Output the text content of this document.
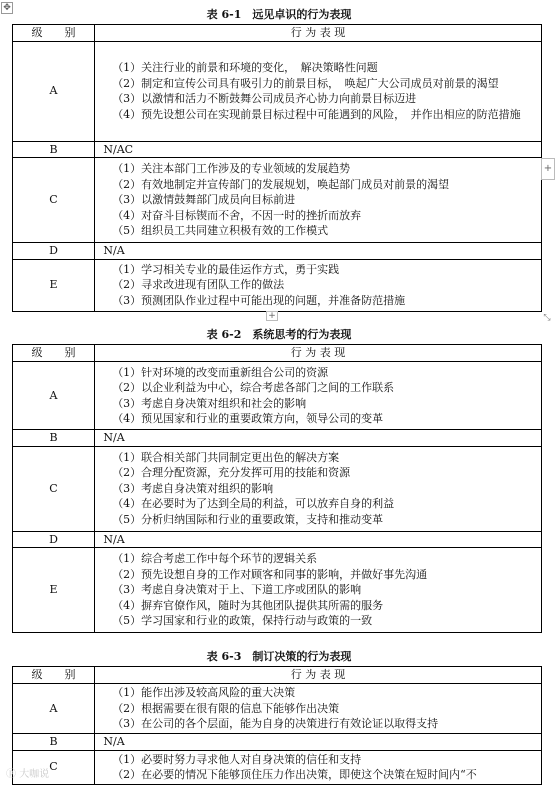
✥	表 6-1　远见卓识的行为表现
级　　别	行 为 表 现
A	（1）关注行业的前景和环境的变化，　解决策略性问题
（2）制定和宣传公司具有吸引力的前景目标，　唤起广大公司成员对前景的渴望
（3）以激情和活力不断鼓舞公司成员齐心协力向前景目标迈进
（4）预先设想公司在实现前景目标过程中可能遇到的风险，　并作出相应的防范措施

B	N/AC

C	（1）关注本部门工作涉及的专业领域的发展趋势
（2）有效地制定并宣传部门的发展规划，唤起部门成员对前景的渴望
（3）以激情鼓舞部门成员向目标前进
（4）对奋斗目标锲而不舍，不因一时的挫折而放弃
（5）组织员工共同建立积极有效的工作模式

D	N/A

E	（1）学习相关专业的最佳运作方式，勇于实践
（2）寻求改进现有团队工作的做法
（3）预测团队作业过程中可能出现的问题，并准备防范措施
+
+
⤡
表 6-2　系统思考的行为表现
级　　别	行 为 表 现
A	（1）针对环境的改变而重新组合公司的资源
（2）以企业利益为中心，综合考虑各部门之间的工作联系
（3）考虑自身决策对组织和社会的影响
（4）预见国家和行业的重要政策方向，领导公司的变革

B	N/A

C	（1）联合相关部门共同制定更出色的解决方案
（2）合理分配资源，充分发挥可用的技能和资源
（3）考虑自身决策对组织的影响
（4）在必要时为了达到全局的利益，可以放弃自身的利益
（5）分析归纳国际和行业的重要政策，支持和推动变革

D	N/A

E	（1）综合考虑工作中每个环节的逻辑关系
（2）预先设想自身的工作对顾客和同事的影响，并做好事先沟通
（3）考虑自身决策对于上、下道工序或团队的影响
（4）摒弃官僚作风，随时为其他团队提供其所需的服务
（5）学习国家和行业的政策，保持行动与政策的一致
表 6-3　制订决策的行为表现
级　　别	行 为 表 现
A	（1）能作出涉及较高风险的重大决策
（2）根据需要在很有限的信息下能够作出决策
（3）在公司的各个层面，能为自身的决策进行有效论证以取得支持

B	N/A

C	（1）必要时努力寻求他人对自身决策的信任和支持
（2）在必要的情况下能够顶住压力作出决策，即使这个决策在短时间内“不
ⓟ 大咖说
